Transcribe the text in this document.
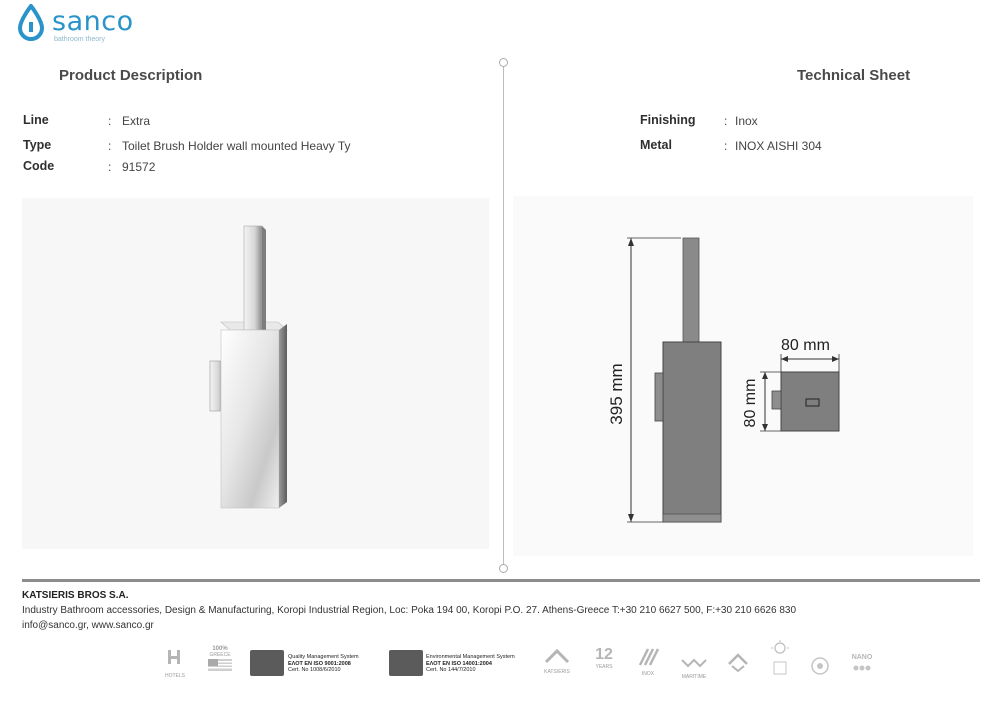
sanco
bathroom theory
Product Description
Line	: Extra
Type	: Toilet Brush Holder wall mounted Heavy Ty
Code	: 91572
Technical Sheet
Finishing : Inox
Metal	: INOX AISHI 304
395 mm
80 mm
80 mm
KATSIERIS BROS S.A.
Industry Bathroom accessories, Design & Manufacturing, Koropi Industrial Region, Loc: Poka 194 00, Koropi P.O. 27. Athens-Greece T:+30 210 6627 500, F:+30 210 6626 830
info@sanco.gr, www.sanco.gr
HOTELS
100%
GREECE	Quality Management System
ΕΛΟΤ EN ISO 9001:2008
Cert. No 1008/6/2010
Environmental Management System
ΕΛΟΤ EN ISO 14001:2004
Cert. No 144/7/2010	KATSIERIS
12
YEARS
INOX	MARITIME
NANO
